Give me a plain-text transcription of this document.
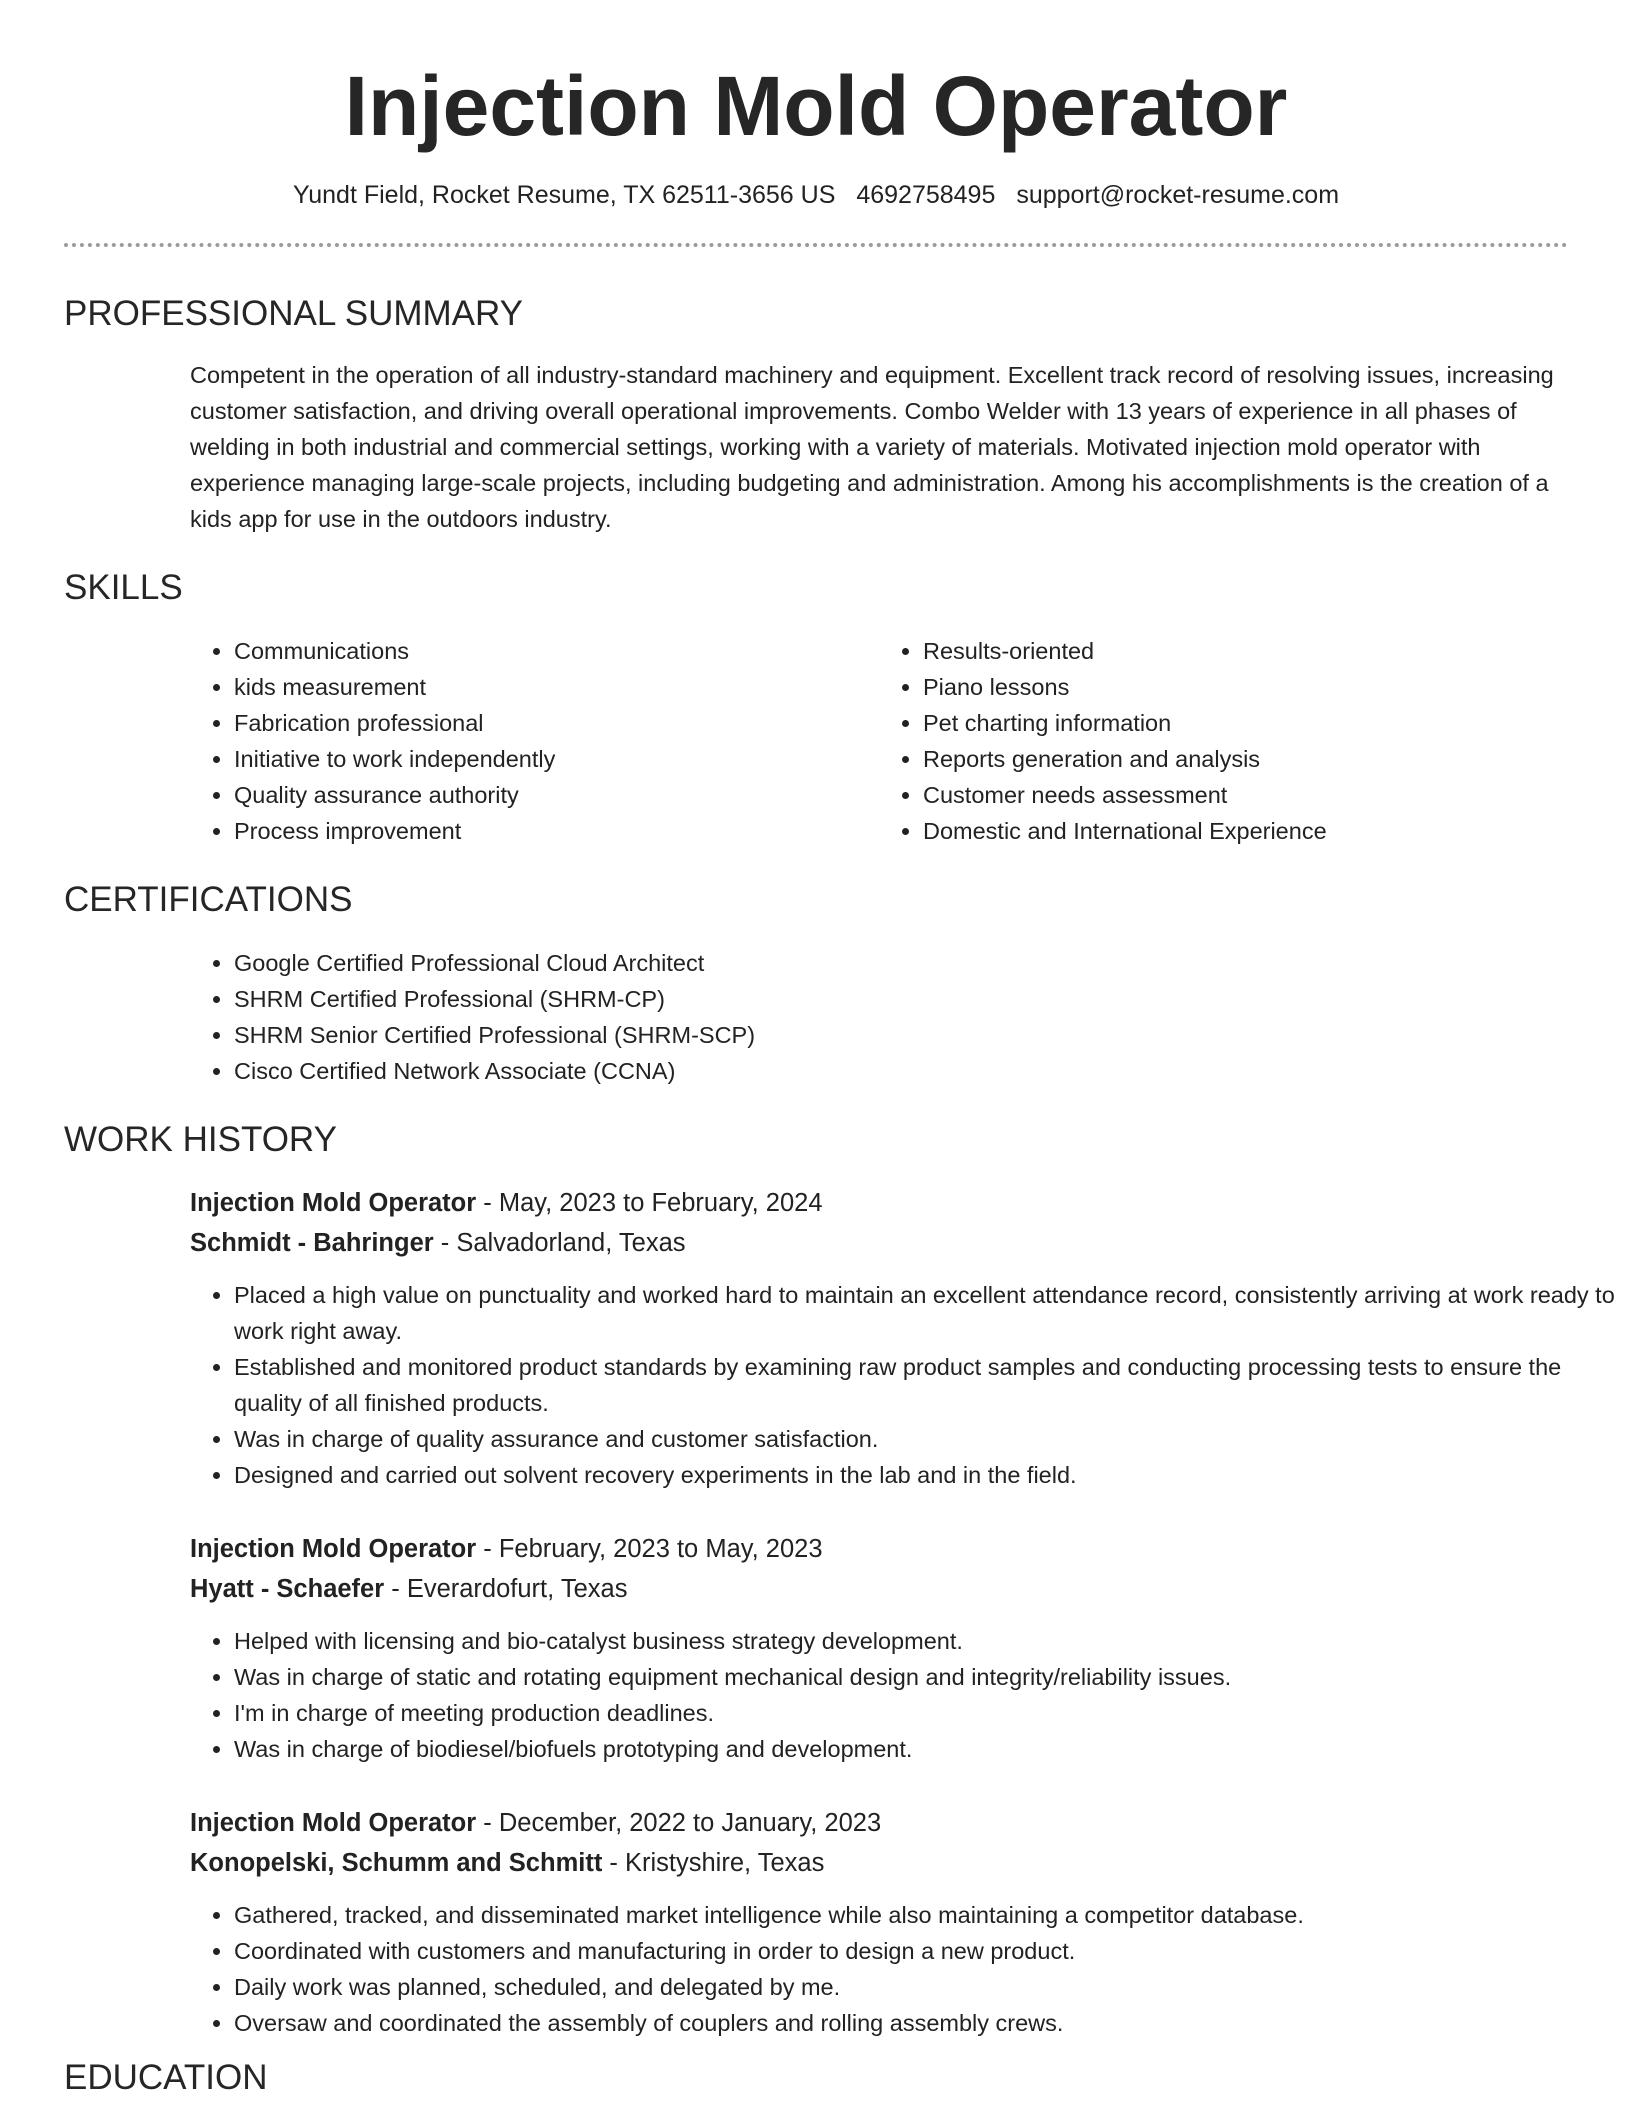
Injection Mold Operator
Yundt Field, Rocket Resume, TX 62511-3656 US 4692758495 support@rocket-resume.com
PROFESSIONAL SUMMARY
Competent in the operation of all industry-standard machinery and equipment. Excellent track record of resolving issues, increasing customer satisfaction, and driving overall operational improvements. Combo Welder with 13 years of experience in all phases of welding in both industrial and commercial settings, working with a variety of materials. Motivated injection mold operator with experience managing large-scale projects, including budgeting and administration. Among his accomplishments is the creation of a kids app for use in the outdoors industry.
SKILLS
• Communications
• kids measurement
• Fabrication professional
• Initiative to work independently
• Quality assurance authority
• Process improvement
• Results-oriented
• Piano lessons
• Pet charting information
• Reports generation and analysis
• Customer needs assessment
• Domestic and International Experience
CERTIFICATIONS
• Google Certified Professional Cloud Architect
• SHRM Certified Professional (SHRM-CP)
• SHRM Senior Certified Professional (SHRM-SCP)
• Cisco Certified Network Associate (CCNA)
WORK HISTORY
Injection Mold Operator - May, 2023 to February, 2024
Schmidt - Bahringer - Salvadorland, Texas
• Placed a high value on punctuality and worked hard to maintain an excellent attendance record, consistently arriving at work ready to work right away.
• Established and monitored product standards by examining raw product samples and conducting processing tests to ensure the quality of all finished products.
• Was in charge of quality assurance and customer satisfaction.
• Designed and carried out solvent recovery experiments in the lab and in the field.
Injection Mold Operator - February, 2023 to May, 2023
Hyatt - Schaefer - Everardofurt, Texas
• Helped with licensing and bio-catalyst business strategy development.
• Was in charge of static and rotating equipment mechanical design and integrity/reliability issues.
• I'm in charge of meeting production deadlines.
• Was in charge of biodiesel/biofuels prototyping and development.
Injection Mold Operator - December, 2022 to January, 2023
Konopelski, Schumm and Schmitt - Kristyshire, Texas
• Gathered, tracked, and disseminated market intelligence while also maintaining a competitor database.
• Coordinated with customers and manufacturing in order to design a new product.
• Daily work was planned, scheduled, and delegated by me.
• Oversaw and coordinated the assembly of couplers and rolling assembly crews.
EDUCATION
